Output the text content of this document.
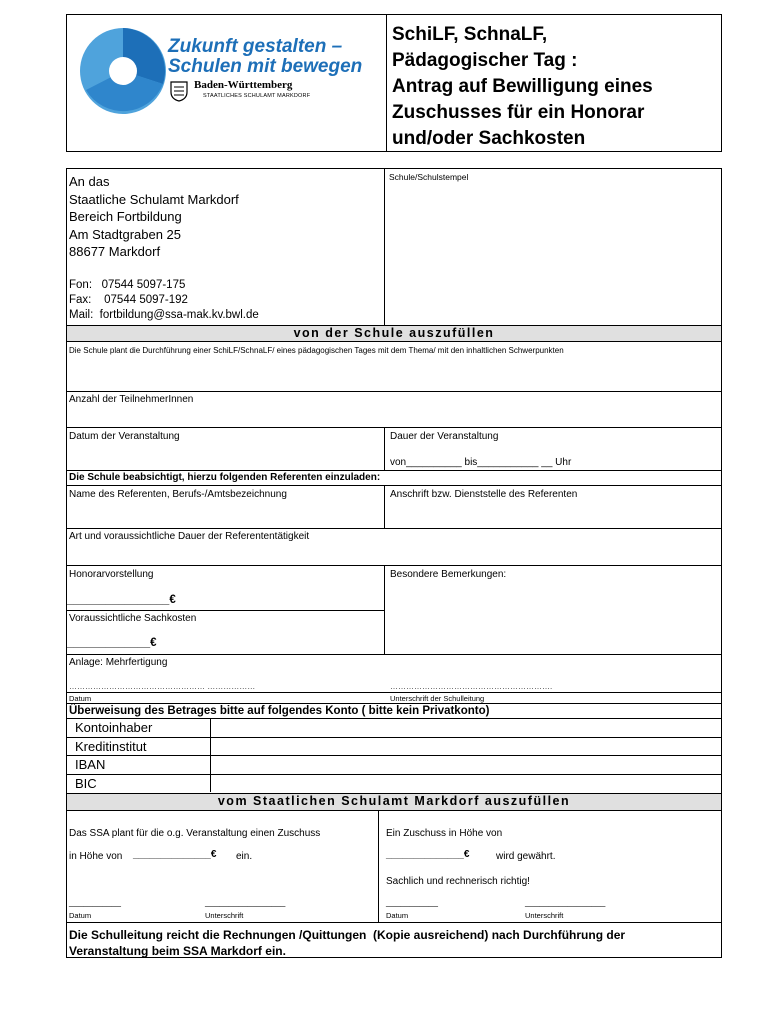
Zukunft gestalten –
Schulen mit bewegen
Baden-Württemberg
STAATLICHES SCHULAMT MARKDORF
SchiLF, SchnaLF,
Pädagogischer Tag :
Antrag auf Bewilligung eines
Zuschusses für ein Honorar
und/oder Sachkosten
An das
Staatliche Schulamt Markdorf
Bereich Fortbildung
Am Stadtgraben 25
88677 Markdorf
Fon:   07544 5097-175
Fax:    07544 5097-192
Mail:  fortbildung@ssa-mak.kv.bwl.de
Schule/Schulstempel
von der Schule auszufüllen
Die Schule plant die Durchführung einer SchiLF/SchnaLF/ eines pädagogischen Tages mit dem Thema/ mit den inhaltlichen Schwerpunkten
Anzahl der TeilnehmerInnen
Datum der Veranstaltung	Dauer der Veranstaltung
von__________ bis___________ __ Uhr
Die Schule beabsichtigt, hierzu folgenden Referenten einzuladen:
Name des Referenten, Berufs-/Amtsbezeichnung	Anschrift bzw. Dienststelle des Referenten
Art und voraussichtliche Dauer der Referententätigkeit
Honorarvorstellung
________________€
Besondere Bemerkungen:
Voraussichtliche Sachkosten
_____________€
Anlage: Mehrfertigung
…………………………………………… ………………	…………………………………………………….
Datum	Unterschrift der Schulleitung
Überweisung des Betrages bitte auf folgendes Konto ( bitte kein Privatkonto)
Kontoinhaber
Kreditinstitut
IBAN
BIC
vom Staatlichen Schulamt Markdorf auszufüllen
Das SSA plant für die o.g. Veranstaltung einen Zuschuss
in Höhe von ______________€ ein.
Ein Zuschuss in Höhe von
______________€	wird gewährt.
Sachlich und rechnerisch richtig!
___________	_________________	___________	_________________
Datum	Unterschrift	Datum	Unterschrift
Die Schulleitung reicht die Rechnungen /Quittungen  (Kopie ausreichend) nach Durchführung der
Veranstaltung beim SSA Markdorf ein.
